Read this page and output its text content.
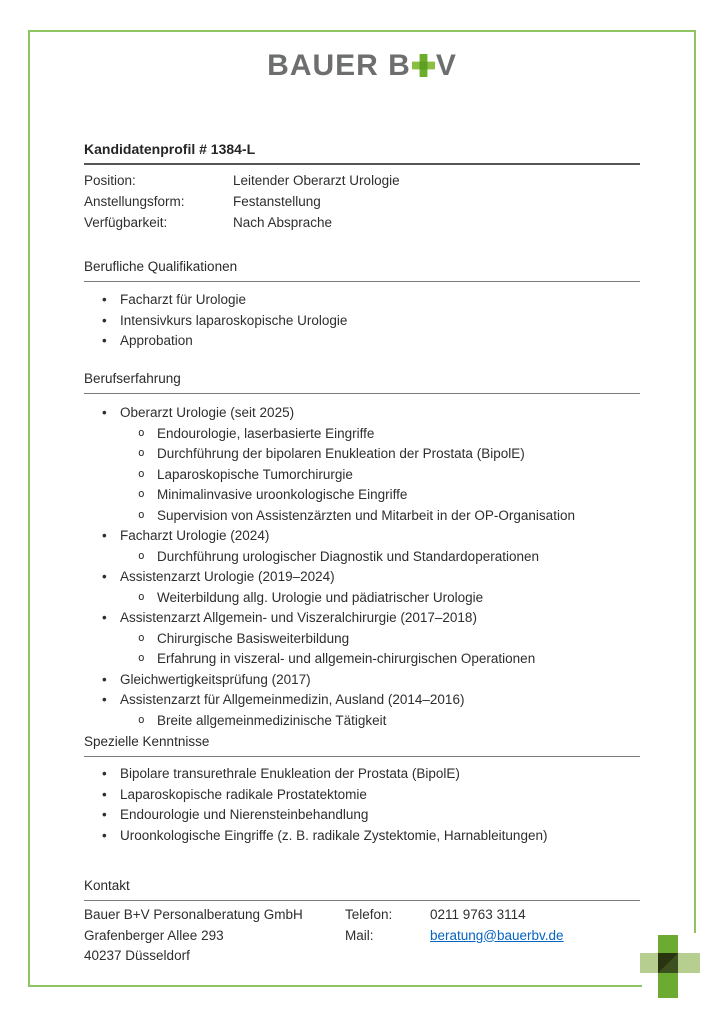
BAUER B V
Kandidatenprofil # 1384-L
Position:	Leitender Oberarzt Urologie
Anstellungsform:	Festanstellung
Verfügbarkeit:	Nach Absprache
Berufliche Qualifikationen
• Facharzt für Urologie
• Intensivkurs laparoskopische Urologie
• Approbation
Berufserfahrung
• Oberarzt Urologie (seit 2025)
o Endourologie, laserbasierte Eingriffe
o Durchführung der bipolaren Enukleation der Prostata (BipolE)
o Laparoskopische Tumorchirurgie
o Minimalinvasive uroonkologische Eingriffe
o Supervision von Assistenzärzten und Mitarbeit in der OP-Organisation
• Facharzt Urologie (2024)
o Durchführung urologischer Diagnostik und Standardoperationen
• Assistenzarzt Urologie (2019–2024)
o Weiterbildung allg. Urologie und pädiatrischer Urologie
• Assistenzarzt Allgemein- und Viszeralchirurgie (2017–2018)
o Chirurgische Basisweiterbildung
o Erfahrung in viszeral- und allgemein-chirurgischen Operationen
• Gleichwertigkeitsprüfung (2017)
• Assistenzarzt für Allgemeinmedizin, Ausland (2014–2016)
o Breite allgemeinmedizinische Tätigkeit
Spezielle Kenntnisse
• Bipolare transurethrale Enukleation der Prostata (BipolE)
• Laparoskopische radikale Prostatektomie
• Endourologie und Nierensteinbehandlung
• Uroonkologische Eingriffe (z. B. radikale Zystektomie, Harnableitungen)
Kontakt
Bauer B+V Personalberatung GmbH
Grafenberger Allee 293
40237 Düsseldorf
Telefon:	0211 9763 3114
Mail:	beratung@bauerbv.de
